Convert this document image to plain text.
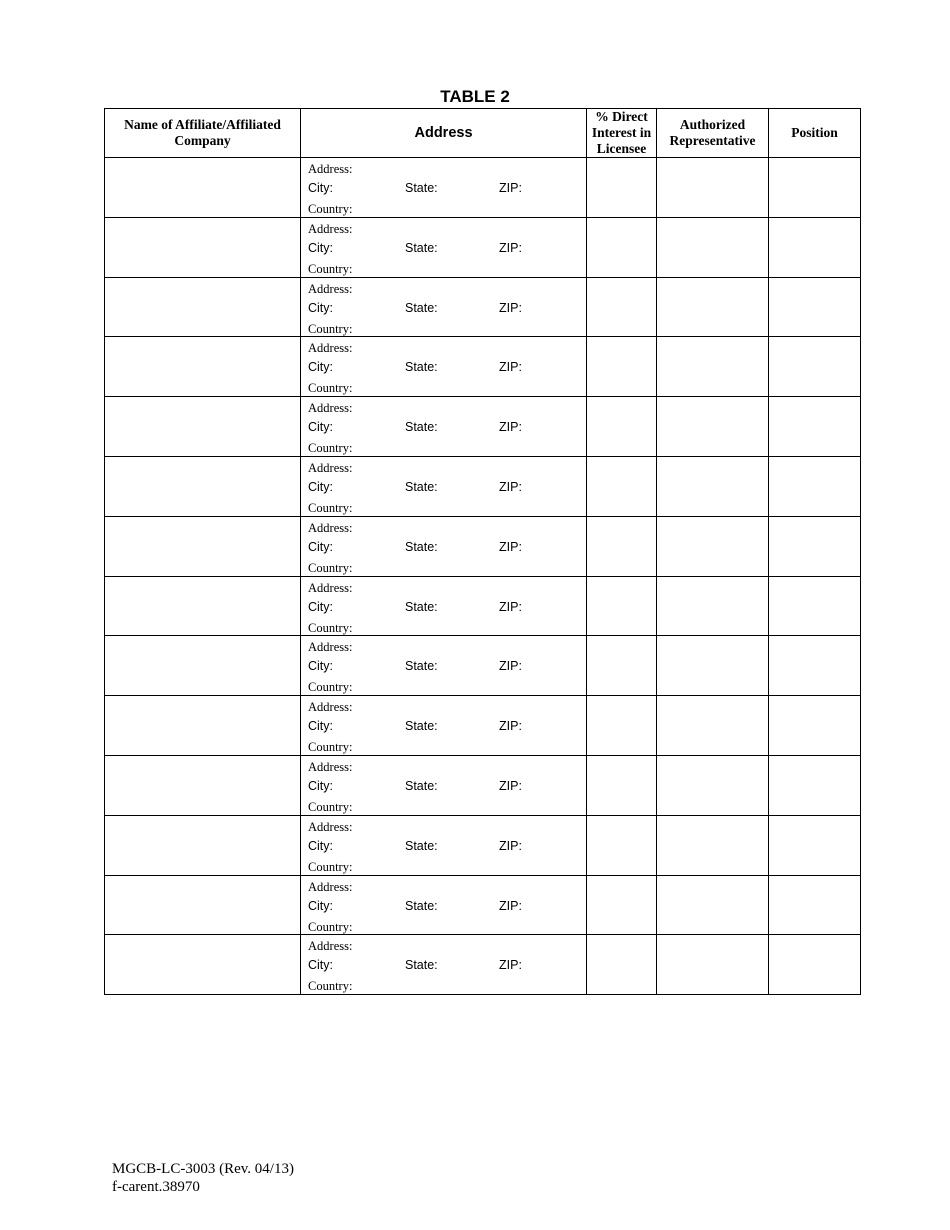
TABLE 2
Name of Affiliate/Affiliated Company	Address	% Direct Interest in Licensee	Authorized Representative	Position

	Address:
City: State: ZIP:
Country:			

	Address:
City: State: ZIP:
Country:			

	Address:
City: State: ZIP:
Country:			

	Address:
City: State: ZIP:
Country:			

	Address:
City: State: ZIP:
Country:			

	Address:
City: State: ZIP:
Country:			

	Address:
City: State: ZIP:
Country:			

	Address:
City: State: ZIP:
Country:			

	Address:
City: State: ZIP:
Country:			

	Address:
City: State: ZIP:
Country:			

	Address:
City: State: ZIP:
Country:			

	Address:
City: State: ZIP:
Country:			

	Address:
City: State: ZIP:
Country:			

	Address:
City: State: ZIP:
Country:			

MGCB-LC-3003 (Rev. 04/13)
f-carent.38970
